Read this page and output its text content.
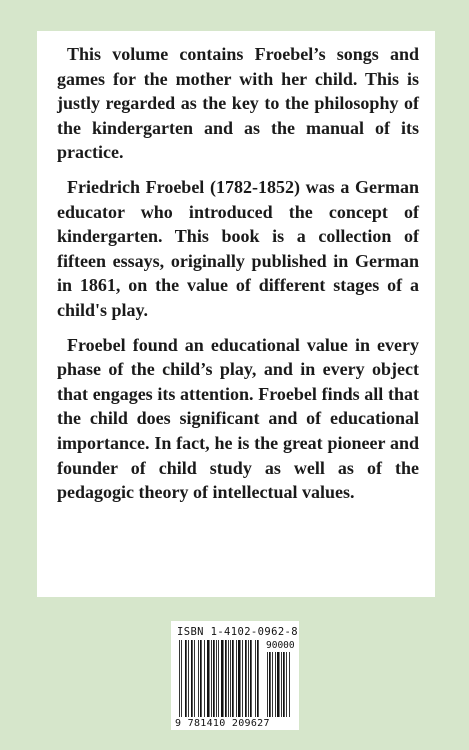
This volume contains Froebel’s songs and games for the mother with her child. This is justly regarded as the key to the philosophy of the kindergarten and as the manual of its practice.

Friedrich Froebel (1782-1852) was a German educator who introduced the concept of kindergarten. This book is a collection of fifteen essays, originally published in German in 1861, on the value of different stages of a child's play.

Froebel found an educational value in every phase of the child’s play, and in every object that engages its attention. Froebel finds all that the child does significant and of educational importance. In fact, he is the great pioneer and founder of child study as well as of the pedagogic theory of intellectual values.

ISBN 1-4102-0962-8
90000
9 781410 209627
